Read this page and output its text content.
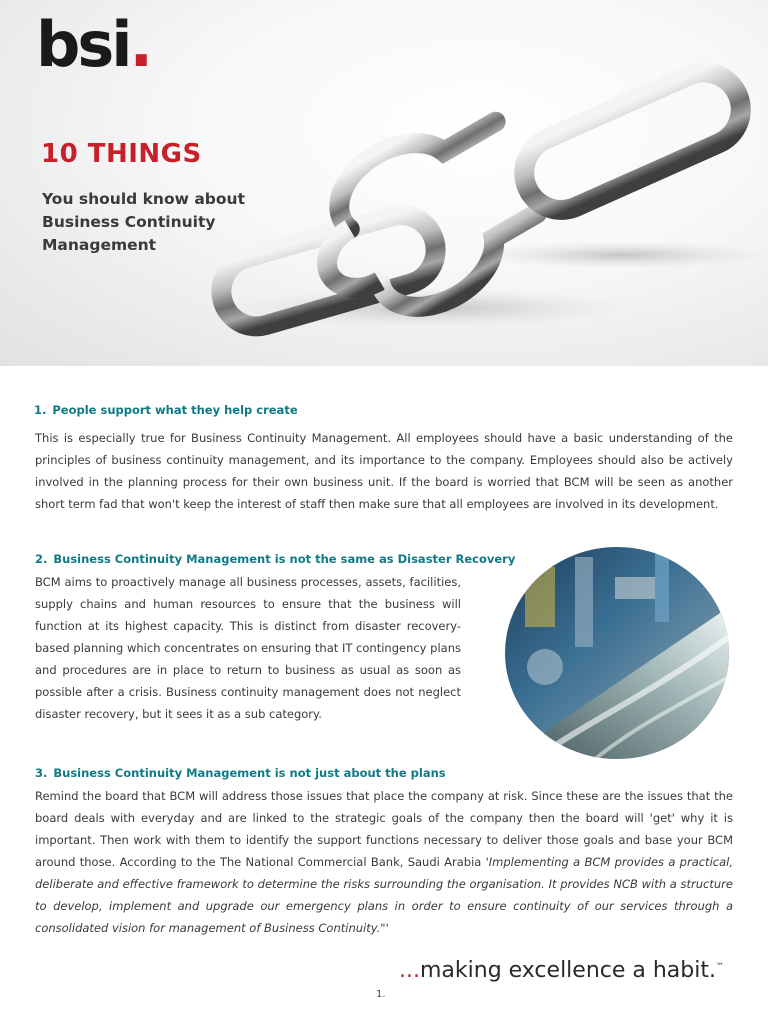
bsi.
10 THINGS

You should know about Business Continuity Management

1. People support what they help create

This is especially true for Business Continuity Management. All employees should have a basic understanding of the principles of business continuity management, and its importance to the company. Employees should also be actively involved in the planning process for their own business unit. If the board is worried that BCM will be seen as another short term fad that won't keep the interest of staff then make sure that all employees are involved in its development.

2. Business Continuity Management is not the same as Disaster Recovery

BCM aims to proactively manage all business processes, assets, facilities, supply chains and human resources to ensure that the business will function at its highest capacity. This is distinct from disaster recovery-based planning which concentrates on ensuring that IT contingency plans and procedures are in place to return to business as usual as soon as possible after a crisis. Business continuity management does not neglect disaster recovery, but it sees it as a sub category.

3. Business Continuity Management is not just about the plans

Remind the board that BCM will address those issues that place the company at risk. Since these are the issues that the board deals with everyday and are linked to the strategic goals of the company then the board will 'get' why it is important. Then work with them to identify the support functions necessary to deliver those goals and base your BCM around those. According to the The National Commercial Bank, Saudi Arabia 'Implementing a BCM provides a practical, deliberate and effective framework to determine the risks surrounding the organisation. It provides NCB with a structure to develop, implement and upgrade our emergency plans in order to ensure continuity of our services through a consolidated vision for management of Business Continuity."'

...making excellence a habit.™

1.
